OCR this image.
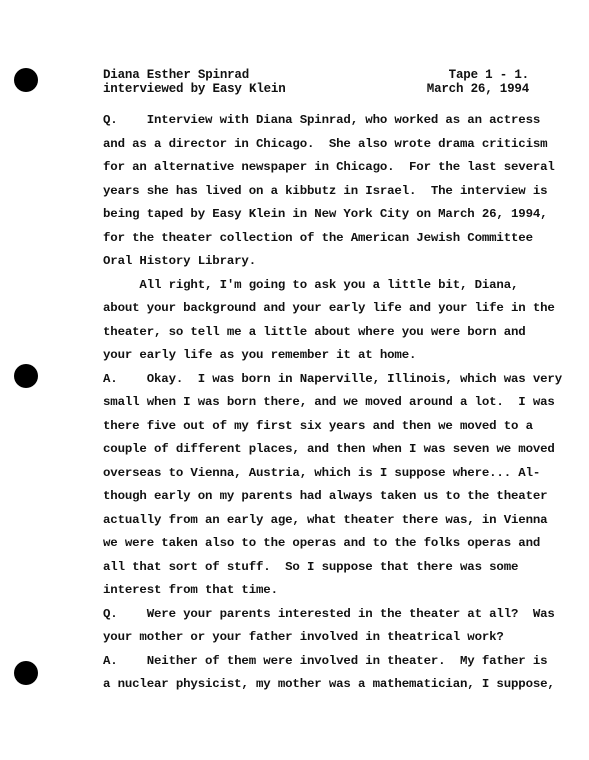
Diana Esther Spinrad
interviewed by Easy Klein
Tape 1 - 1.
March 26, 1994
Q.    Interview with Diana Spinrad, who worked as an actress
and as a director in Chicago.  She also wrote drama criticism
for an alternative newspaper in Chicago.  For the last several
years she has lived on a kibbutz in Israel.  The interview is
being taped by Easy Klein in New York City on March 26, 1994,
for the theater collection of the American Jewish Committee
Oral History Library.
All right, I'm going to ask you a little bit, Diana,
about your background and your early life and your life in the
theater, so tell me a little about where you were born and
your early life as you remember it at home.
A.    Okay.  I was born in Naperville, Illinois, which was very
small when I was born there, and we moved around a lot.  I was
there five out of my first six years and then we moved to a
couple of different places, and then when I was seven we moved
overseas to Vienna, Austria, which is I suppose where... Al-
though early on my parents had always taken us to the theater
actually from an early age, what theater there was, in Vienna
we were taken also to the operas and to the folks operas and
all that sort of stuff.  So I suppose that there was some
interest from that time.
Q.    Were your parents interested in the theater at all?  Was
your mother or your father involved in theatrical work?
A.    Neither of them were involved in theater.  My father is
a nuclear physicist, my mother was a mathematician, I suppose,
